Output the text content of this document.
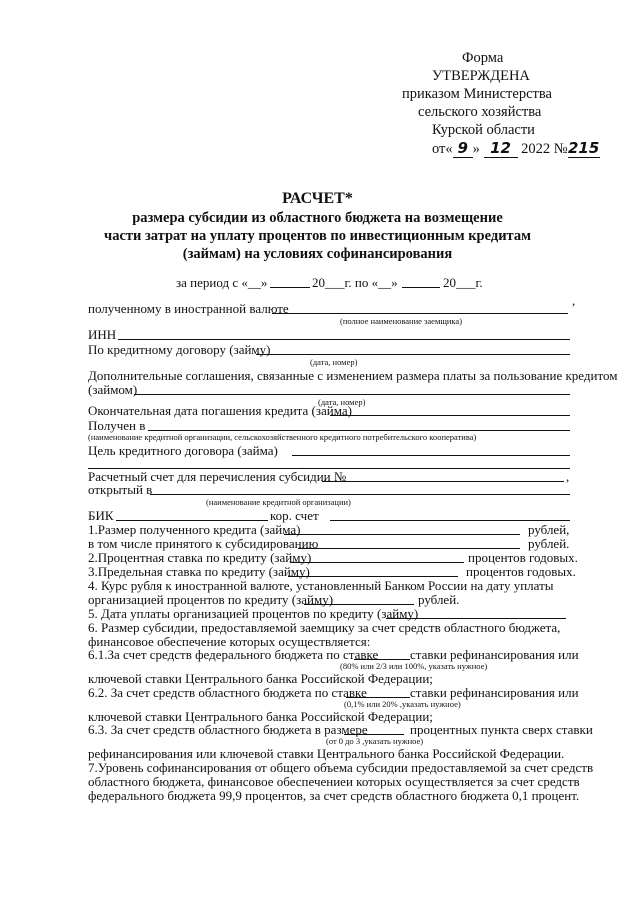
Форма
УТВЕРЖДЕНА
приказом Министерства
сельского хозяйства
Курской области
от« 9 » 12 2022 №215
РАСЧЕТ*
размера субсидии из областного бюджета на возмещение
части затрат на уплату процентов по инвестиционным кредитам
(займам) на условиях софинансирования
за период с «__»	20___г. по «__»	20___г.
полученному в иностранной валюте
,
(полное наименование заемщика)
ИНН
По кредитному договору (займу)
(дата, номер)
Дополнительные соглашения, связанные с изменением размера платы за пользование кредитом
(займом)
(дата, номер)
Окончательная дата погашения кредита (займа)
Получен в
(наименование кредитной организации, сельскохозяйственного кредитного потребительского кооператива)
Цель кредитного договора (займа)
Расчетный счет для перечисления субсидии №	,
открытый в
(наименование кредитной организации)
БИК	кор. счет
1.Размер полученного кредита (займа)	рублей,
в том числе принятого к субсидированию	рублей.
2.Процентная ставка по кредиту (займу)	процентов годовых.
3.Предельная ставка по кредиту (займу)	процентов годовых.
4. Курс рубля к иностранной валюте, установленный Банком России на дату уплаты
организацией процентов по кредиту (займу)	рублей.
5. Дата уплаты организацией процентов по кредиту (займу)
6. Размер субсидии, предоставляемой заемщику за счет средств областного бюджета,
финансовое обеспечение которых осуществляется:
6.1.За счет средств федерального бюджета по ставке ставки рефинансирования или
(80% или 2/3 или 100%, указать нужное)
ключевой ставки Центрального банка Российской Федерации;
6.2. За счет средств областного бюджета по ставке	ставки рефинансирования или
(0,1% или 20% ,указать нужное)
ключевой ставки Центрального банка Российской Федерации;
6.3. За счет средств областного бюджета в размере	процентных пункта сверх ставки
(от 0 до 3 ,указать нужное)
рефинансирования или ключевой ставки Центрального банка Российской Федерации.
7.Уровень софинансирования от общего объема субсидии предоставляемой за счет средств
областного бюджета, финансовое обеспечениеи которых осуществляется за счет средств
федерального бюджета 99,9 процентов, за счет средств областного бюджета 0,1 процент.
